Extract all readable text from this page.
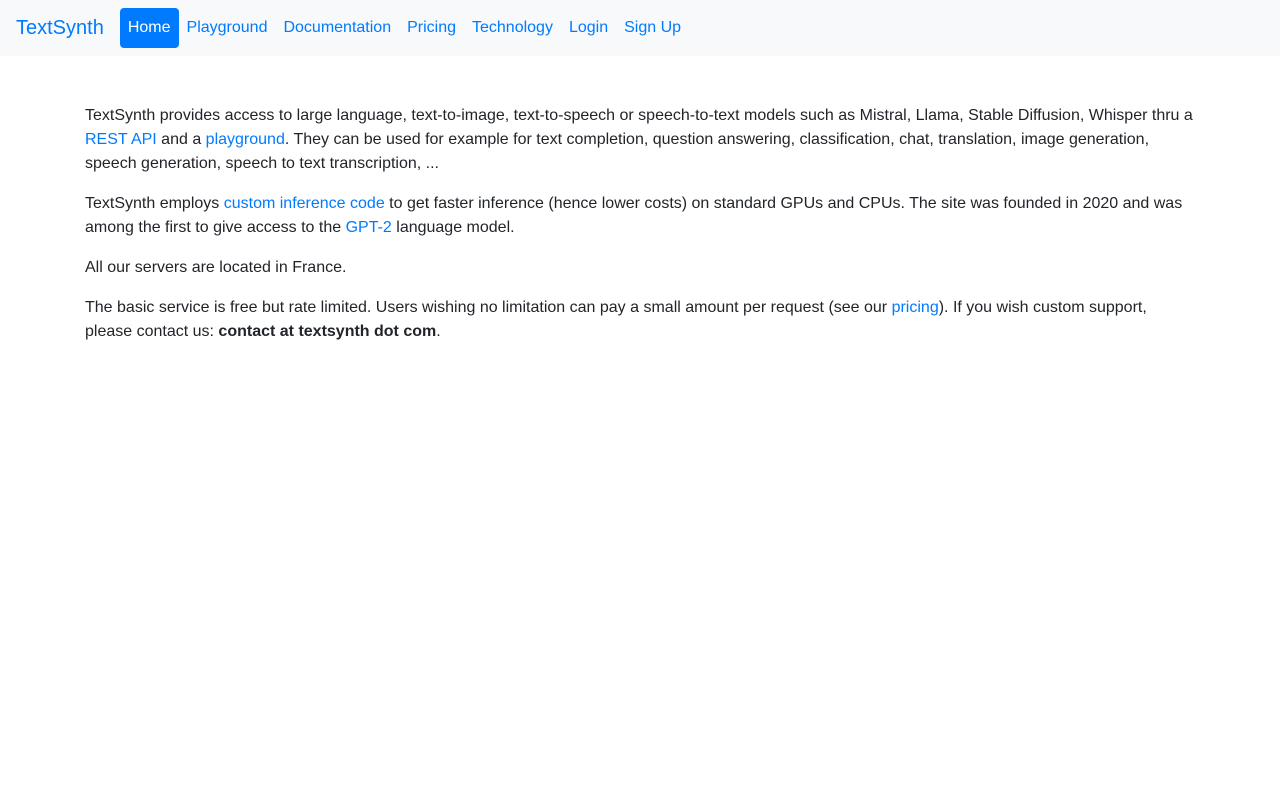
TextSynth	Home	Playground	Documentation	Pricing	Technology	Login	Sign Up

TextSynth provides access to large language, text-to-image, text-to-speech or speech-to-text models such as Mistral, Llama, Stable Diffusion, Whisper thru a REST API and a playground. They can be used for example for text completion, question answering, classification, chat, translation, image generation, speech generation, speech to text transcription, ...

TextSynth employs custom inference code to get faster inference (hence lower costs) on standard GPUs and CPUs. The site was founded in 2020 and was among the first to give access to the GPT-2 language model.

All our servers are located in France.

The basic service is free but rate limited. Users wishing no limitation can pay a small amount per request (see our pricing). If you wish custom support, please contact us: contact at textsynth dot com.
